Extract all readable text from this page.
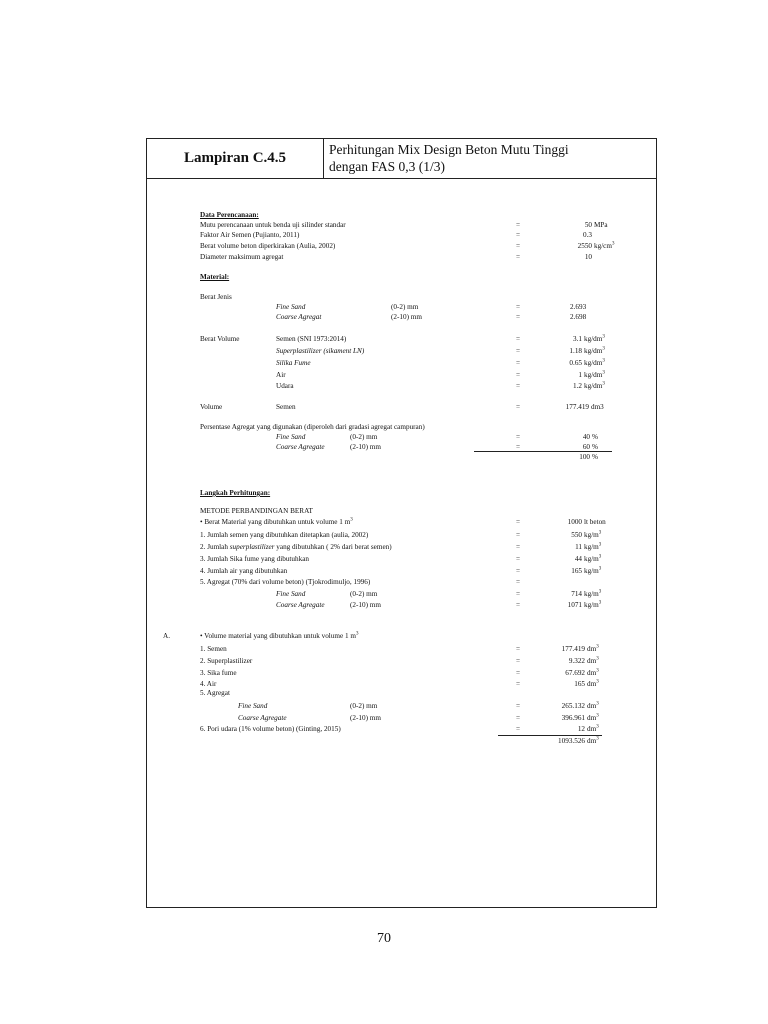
Lampiran C.4.5
Perhitungan Mix Design Beton Mutu Tinggi
dengan FAS 0,3 (1/3)
Data Perencanaan:
Mutu perencanaan untuk benda uji silinder standar	=	50 MPa
Faktor Air Semen (Pujianto, 2011)	=	0.3
Berat volume beton diperkirakan (Aulia, 2002)	=	2550 $kg/cm^3$
Diameter maksimum agregat	=	10
Material:
Berat Jenis
Fine Sand	(0-2) mm	=	2.693
Coarse Agregat	(2-10) mm	=	2.698
Berat Volume	Semen (SNI 1973:2014)	=	3.1 $kg/dm^3$
Superplastilizer (sikament LN)	=	1.18 $kg/dm^3$
Silika Fume	=	0.65 $kg/dm^3$
Air	=	1 $kg/dm^3$
Udara	=	1.2 $kg/dm^3$
Volume	Semen	=	177.419 dm3
Persentase Agregat yang digunakan (diperoleh dari gradasi agregat campuran)
Fine Sand	(0-2) mm	=	40 %
Coarse Agregate	(2-10) mm	=	60 %
100 %
Langkah Perhitungan:
METODE PERBANDINGAN BERAT
• Berat Material yang dibutuhkan untuk volume 1 $m^3$	=	1000 lt beton
1. Jumlah semen yang dibutuhkan ditetapkan (aulia, 2002)	=	550 $kg/m^3$
2. Jumlah superplastilizer yang dibutuhkan ( 2% dari berat semen)	=	11 $kg/m^3$
3. Jumlah Sika fume yang dibutuhkan	=	44 $kg/m^3$
4. Jumlah air yang dibutuhkan	=	165 $kg/m^3$
5. Agregat (70% dari volume beton) (Tjokrodimuljo, 1996)	=
Fine Sand	(0-2) mm	=	714 $kg/m^3$
Coarse Agregate	(2-10) mm	=	1071 $kg/m^3$
A.	• Volume material yang dibutuhkan untuk volume 1 $m^3$
1. Semen	=	177.419 $dm^3$
2. Superplastilizer	=	9.322 $dm^3$
3. Sika fume	=	67.692 $dm^3$
4. Air	=	165 $dm^3$
5. Agregat
Fine Sand	(0-2) mm	=	265.132 $dm^3$
Coarse Agregate	(2-10) mm	=	396.961 $dm^3$
6. Pori udara (1% volume beton) (Ginting, 2015)	=	12 $dm^3$
1093.526 $dm^3$
70
